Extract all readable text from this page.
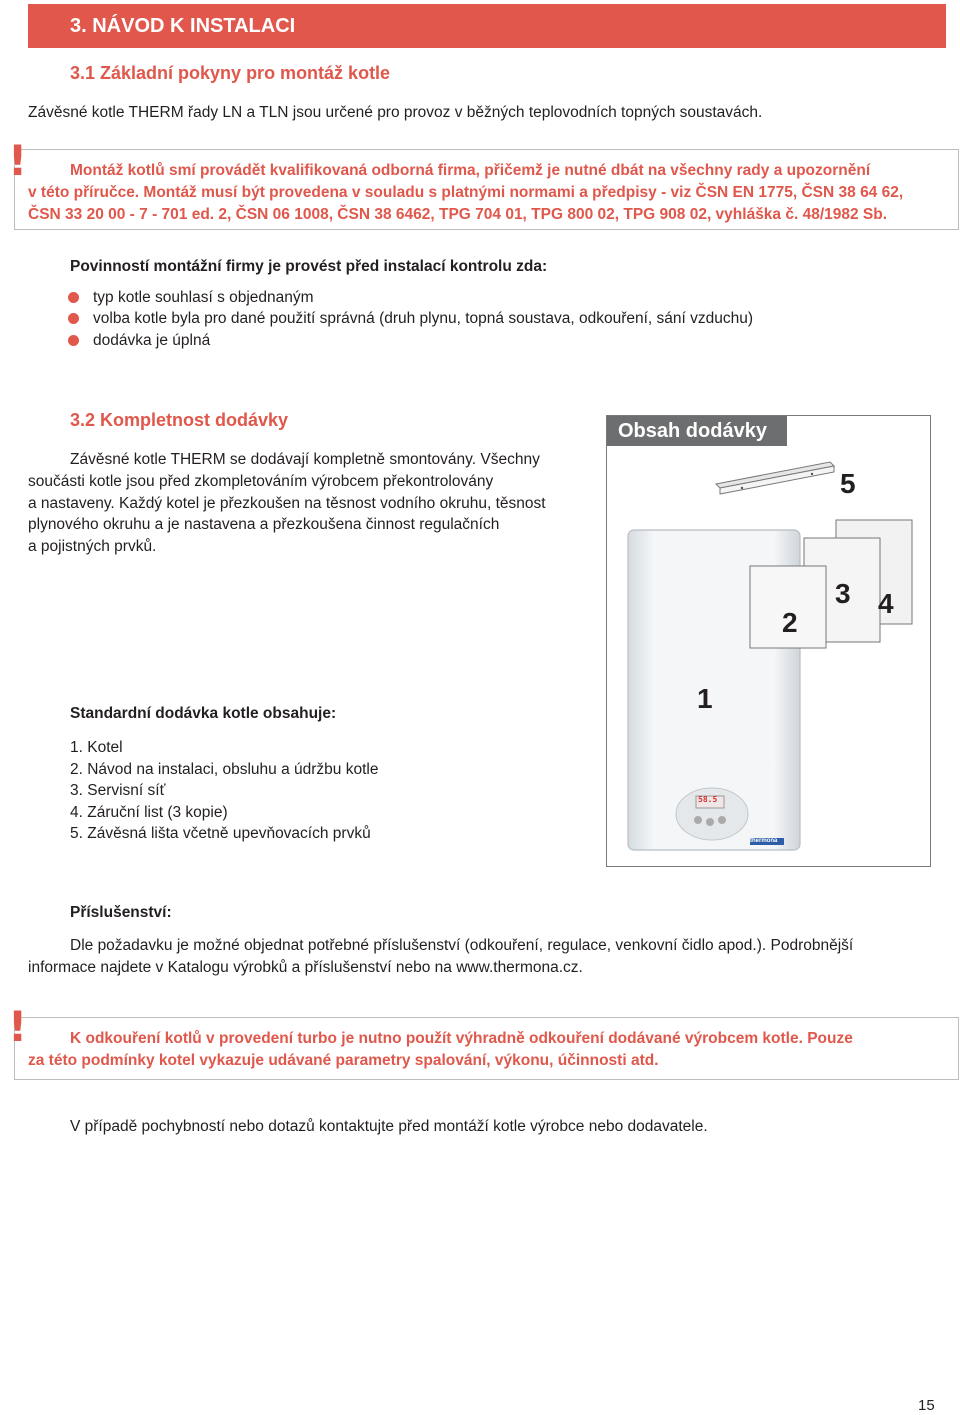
3. NÁVOD K INSTALACI
3.1 Základní pokyny pro montáž kotle
Závěsné kotle THERM řady LN a TLN jsou určené pro provoz v běžných teplovodních topných soustavách.
!	Montáž kotlů smí provádět kvalifikovaná odborná firma, přičemž je nutné dbát na všechny rady a upozornění
v této příručce. Montáž musí být provedena v souladu s platnými normami a předpisy - viz ČSN EN 1775, ČSN 38 64 62,
ČSN 33 20 00 - 7 - 701 ed. 2, ČSN 06 1008, ČSN 38 6462, TPG 704 01, TPG 800 02, TPG 908 02, vyhláška č. 48/1982 Sb.
Povinností montážní firmy je provést před instalací kontrolu zda:
typ kotle souhlasí s objednaným
volba kotle byla pro dané použití správná (druh plynu, topná soustava, odkouření, sání vzduchu)
dodávka je úplná
3.2 Kompletnost dodávky
Závěsné kotle THERM se dodávají kompletně smontovány. Všechny
součásti kotle jsou před zkompletováním výrobcem překontrolovány
a nastaveny. Každý kotel je přezkoušen na těsnost vodního okruhu, těsnost
plynového okruhu a je nastavena a přezkoušena činnost regulačních
a pojistných prvků.
Obsah dodávky
5
58.5
thermona
1
2
3 4
Standardní dodávka kotle obsahuje:
1. Kotel
2. Návod na instalaci, obsluhu a údržbu kotle
3. Servisní síť
4. Záruční list (3 kopie)
5. Závěsná lišta včetně upevňovacích prvků
Příslušenství:
Dle požadavku je možné objednat potřebné příslušenství (odkouření, regulace, venkovní čidlo apod.). Podrobnější
informace najdete v Katalogu výrobků a příslušenství nebo na www.thermona.cz.
!	K odkouření kotlů v provedení turbo je nutno použít výhradně odkouření dodávané výrobcem kotle. Pouze
za této podmínky kotel vykazuje udávané parametry spalování, výkonu, účinnosti atd.
V případě pochybností nebo dotazů kontaktujte před montáží kotle výrobce nebo dodavatele.
15
